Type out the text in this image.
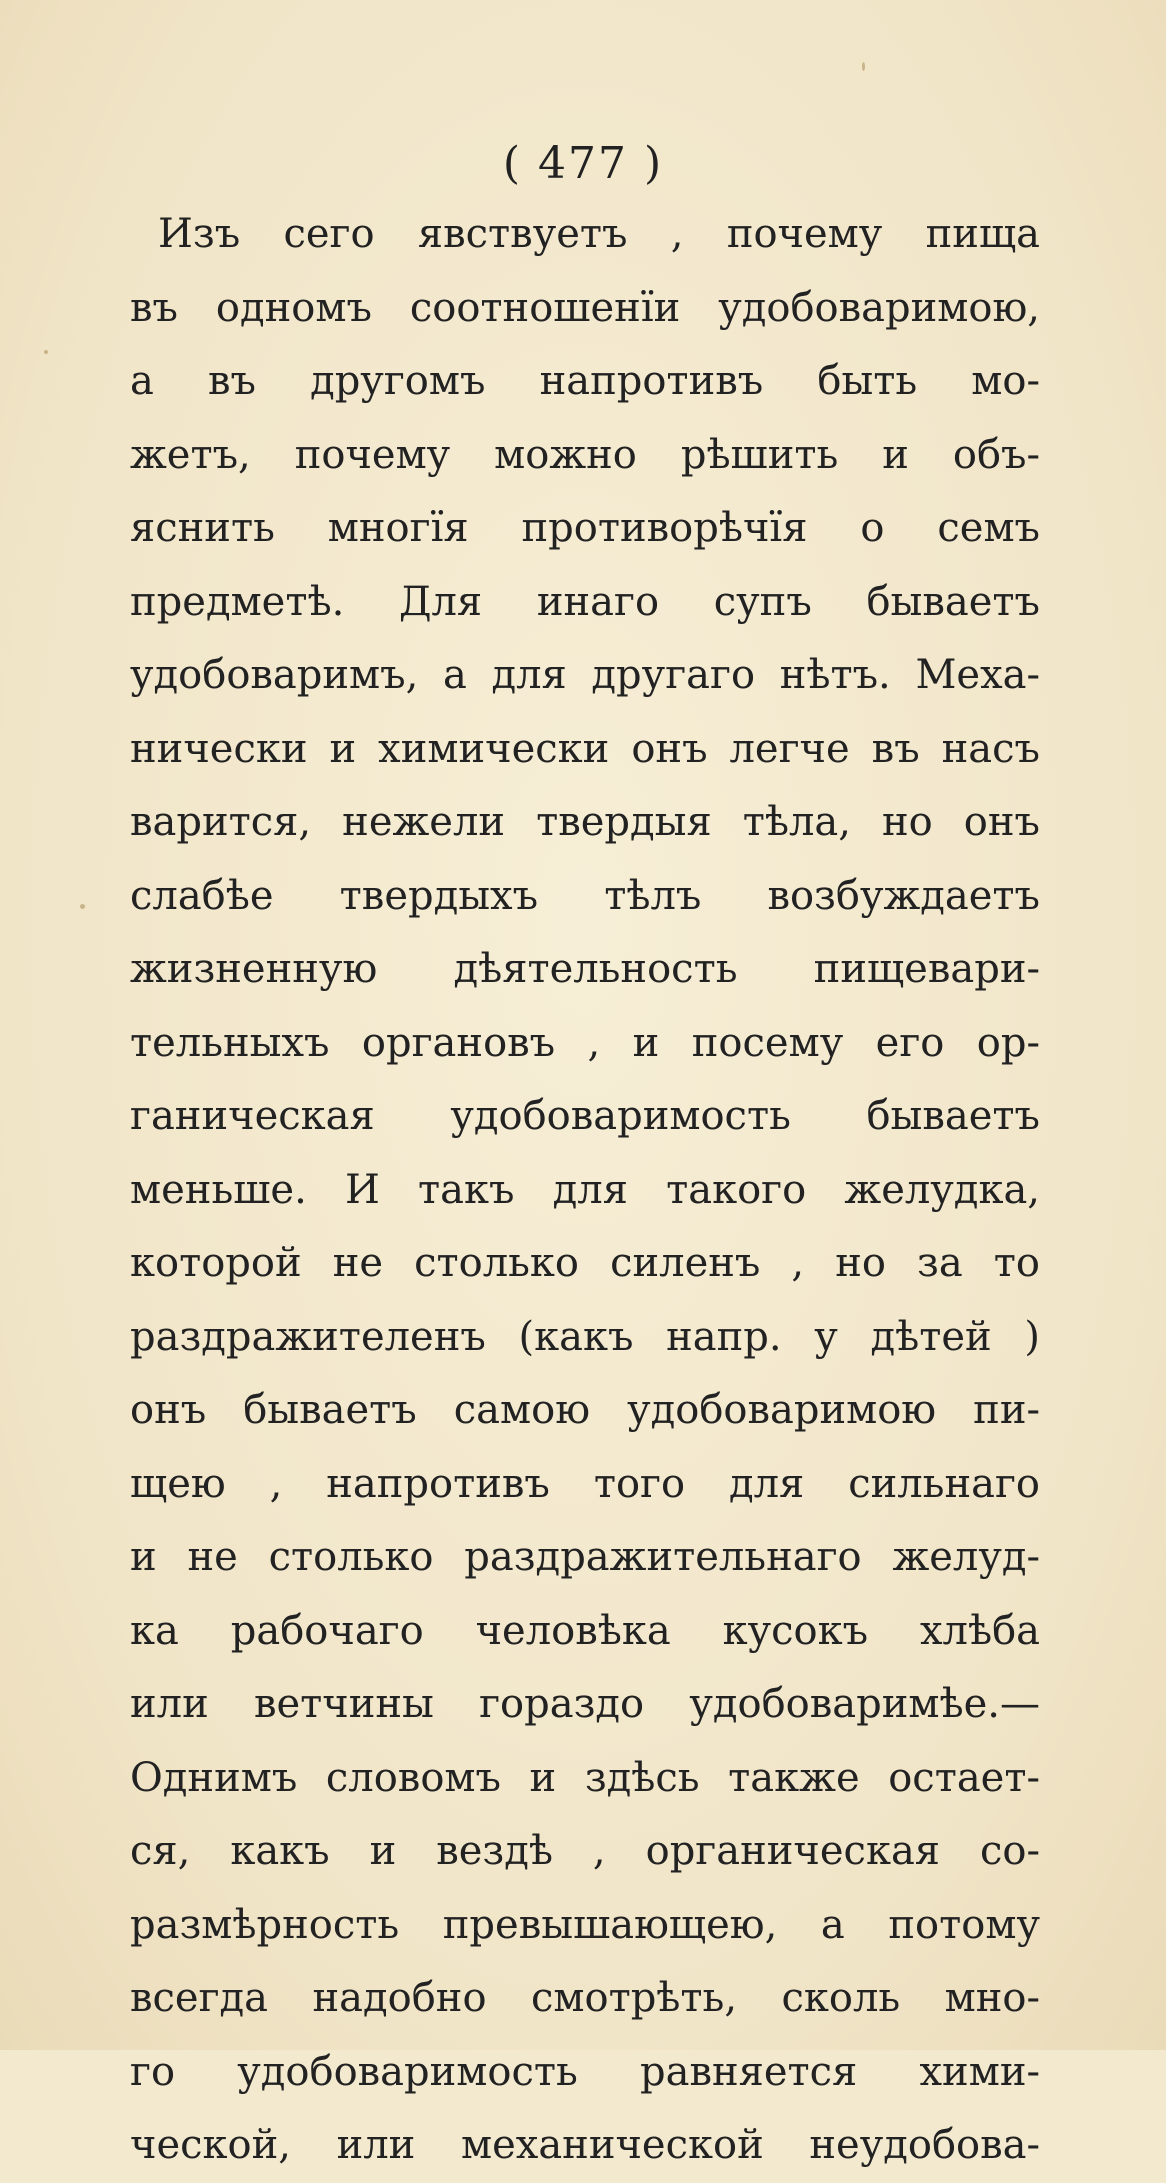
( 477 )
Изъ сего явствуетъ , почему пища
въ одномъ соотношенїи удобоваримою,
а въ другомъ напротивъ быть мо-
жетъ, почему можно рѣшить и объ-
яснить многїя противорѣчїя о семъ
предметѣ. Для инаго супъ бываетъ
удобоваримъ, а для другаго нѣтъ. Меха-
нически и химически онъ легче въ насъ
варится, нежели твердыя тѣла, но онъ
слабѣе твердыхъ тѣлъ возбуждаетъ
жизненную дѣятельность пищевари-
тельныхъ органовъ , и посему его ор-
ганическая удобоваримость бываетъ
меньше. И такъ для такого желудка,
которой не столько силенъ , но за то
раздражителенъ (какъ напр. у дѣтей )
онъ бываетъ самою удобоваримою пи-
щею , напротивъ того для сильнаго
и не столько раздражительнаго желуд-
ка рабочаго человѣка кусокъ хлѣба
или ветчины гораздо удобоваримѣе.—
Однимъ словомъ и здѣсь также остает-
ся, какъ и вездѣ , органическая со-
размѣрность превышающею, а потому
всегда надобно смотрѣть, сколь мно-
го удобоваримость равняется хими-
ческой, или механической неудобова-
